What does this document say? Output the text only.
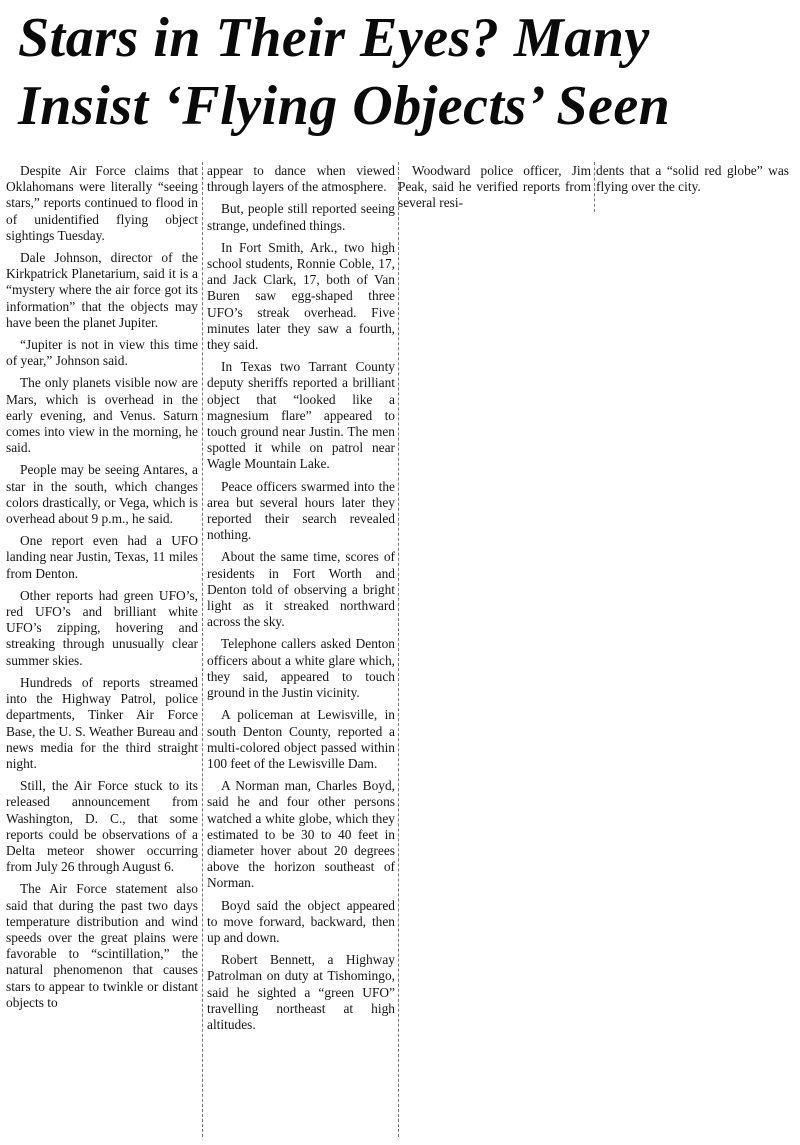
Stars in Their Eyes? Many
Insist ‘Flying Objects’ Seen

Despite Air Force claims that Oklahomans were literally “seeing stars,” reports continued to flood in of unidentified flying object sightings Tuesday.

Dale Johnson, director of the Kirkpatrick Planetarium, said it is a “mystery where the air force got its information” that the objects may have been the planet Jupiter.

“Jupiter is not in view this time of year,” Johnson said.

The only planets visible now are Mars, which is overhead in the early evening, and Venus. Saturn comes into view in the morning, he said.

People may be seeing Antares, a star in the south, which changes colors drastically, or Vega, which is overhead about 9 p.m., he said.

One report even had a UFO landing near Justin, Texas, 11 miles from Denton.

Other reports had green UFO’s, red UFO’s and brilliant white UFO’s zipping, hovering and streaking through unusually clear summer skies.

Hundreds of reports streamed into the Highway Patrol, police departments, Tinker Air Force Base, the U. S. Weather Bureau and news media for the third straight night.

Still, the Air Force stuck to its released announcement from Washington, D. C., that some reports could be observations of a Delta meteor shower occurring from July 26 through August 6.

The Air Force statement also said that during the past two days temperature distribution and wind speeds over the great plains were favorable to “scintillation,” the natural phenomenon that causes stars to appear to twinkle or distant objects to

appear to dance when viewed through layers of the atmosphere.

But, people still reported seeing strange, undefined things.

In Fort Smith, Ark., two high school students, Ronnie Coble, 17, and Jack Clark, 17, both of Van Buren saw egg-shaped three UFO’s streak overhead. Five minutes later they saw a fourth, they said.

In Texas two Tarrant County deputy sheriffs reported a brilliant object that “looked like a magnesium flare” appeared to touch ground near Justin. The men spotted it while on patrol near Wagle Mountain Lake.

Peace officers swarmed into the area but several hours later they reported their search revealed nothing.

About the same time, scores of residents in Fort Worth and Denton told of observing a bright light as it streaked northward across the sky.

Telephone callers asked Denton officers about a white glare which, they said, appeared to touch ground in the Justin vicinity.

A policeman at Lewisville, in south Denton County, reported a multi-colored object passed within 100 feet of the Lewisville Dam.

A Norman man, Charles Boyd, said he and four other persons watched a white globe, which they estimated to be 30 to 40 feet in diameter hover about 20 degrees above the horizon southeast of Norman.

Boyd said the object appeared to move forward, backward, then up and down.

Robert Bennett, a Highway Patrolman on duty at Tishomingo, said he sighted a “green UFO” travelling northeast at high altitudes.

Woodward police officer, Jim Peak, said he verified reports from several resi-

dents that a “solid red globe” was flying over the city.
